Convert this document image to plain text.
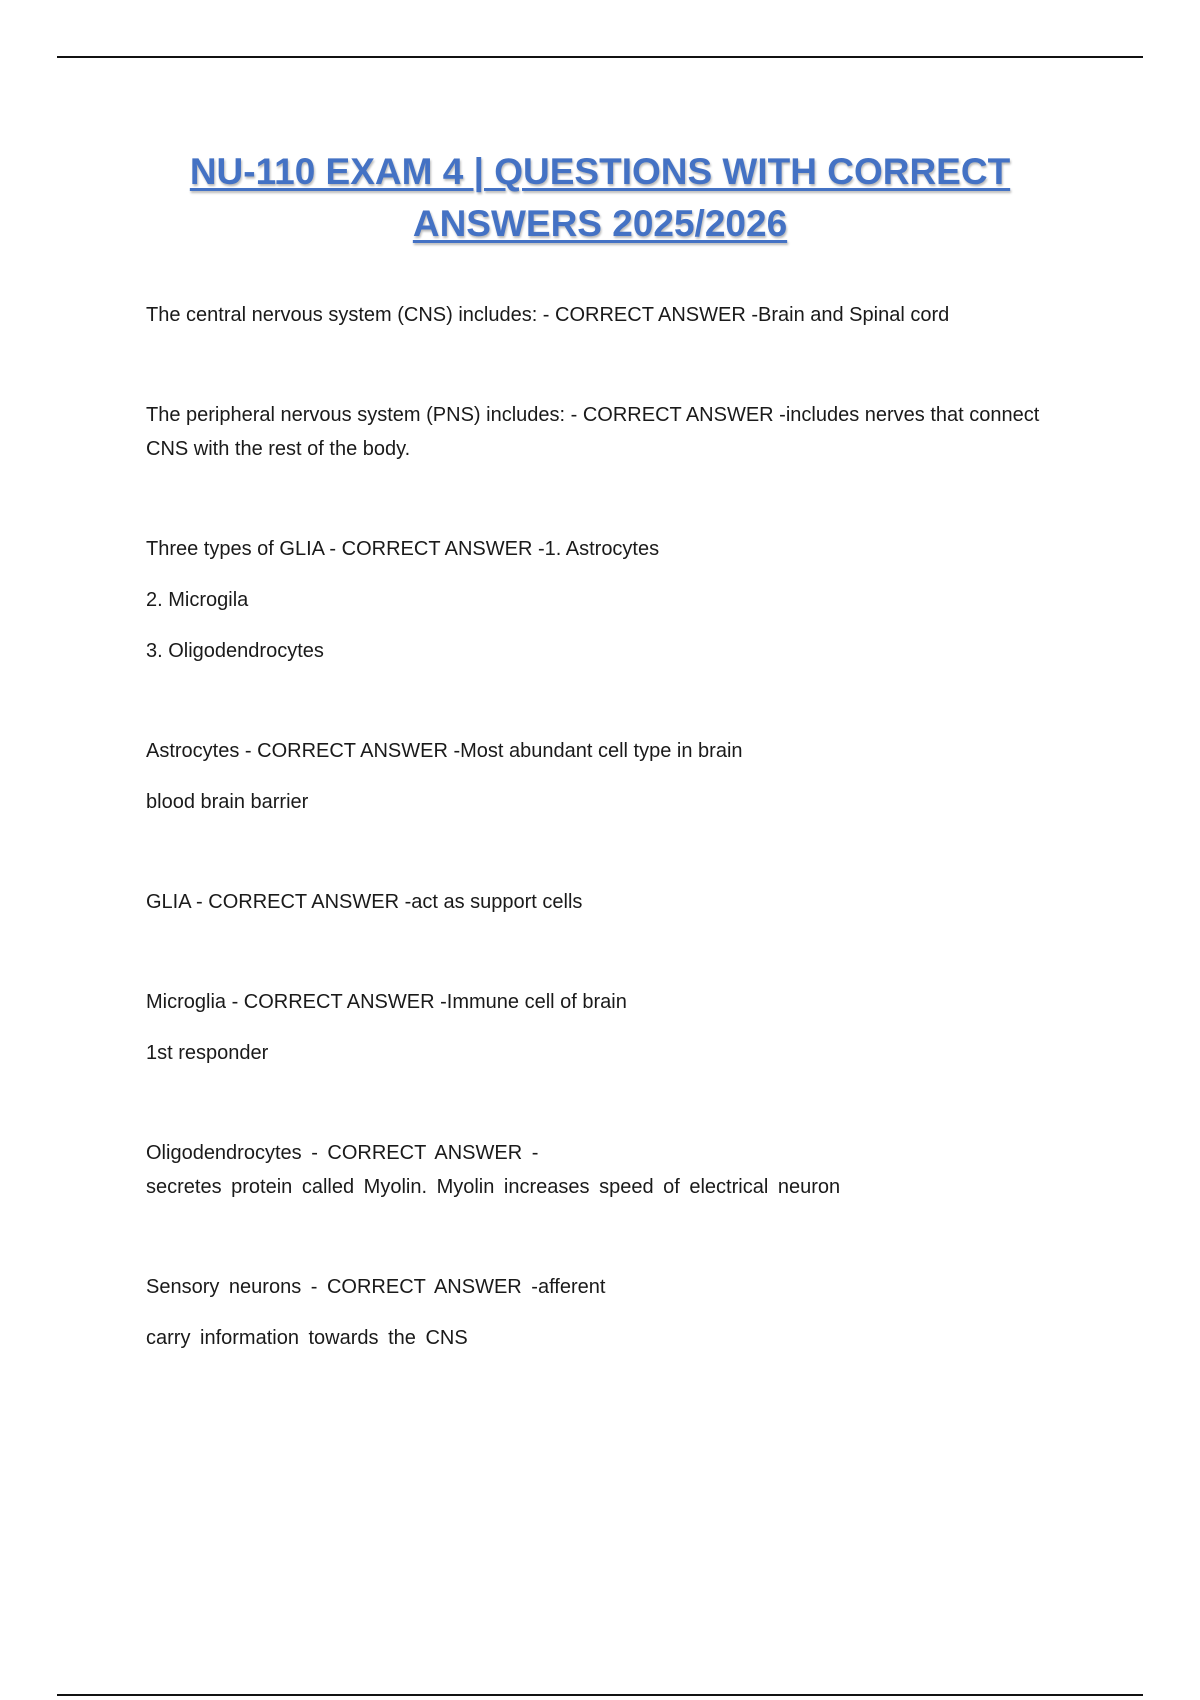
NU-110 EXAM 4 | QUESTIONS WITH CORRECT
ANSWERS 2025/2026

The central nervous system (CNS) includes: - CORRECT ANSWER -Brain and Spinal cord

The peripheral nervous system (PNS) includes: - CORRECT ANSWER -includes nerves that connect CNS with the rest of the body.

Three types of GLIA - CORRECT ANSWER -1. Astrocytes

2. Microgila

3. Oligodendrocytes

Astrocytes - CORRECT ANSWER -Most abundant cell type in brain

blood brain barrier

GLIA - CORRECT ANSWER -act as support cells

Microglia - CORRECT ANSWER -Immune cell of brain

1st responder

Oligodendrocytes - CORRECT ANSWER -

secretes protein called Myolin. Myolin increases speed of electrical neuron

Sensory neurons - CORRECT ANSWER -afferent

carry information towards the CNS
